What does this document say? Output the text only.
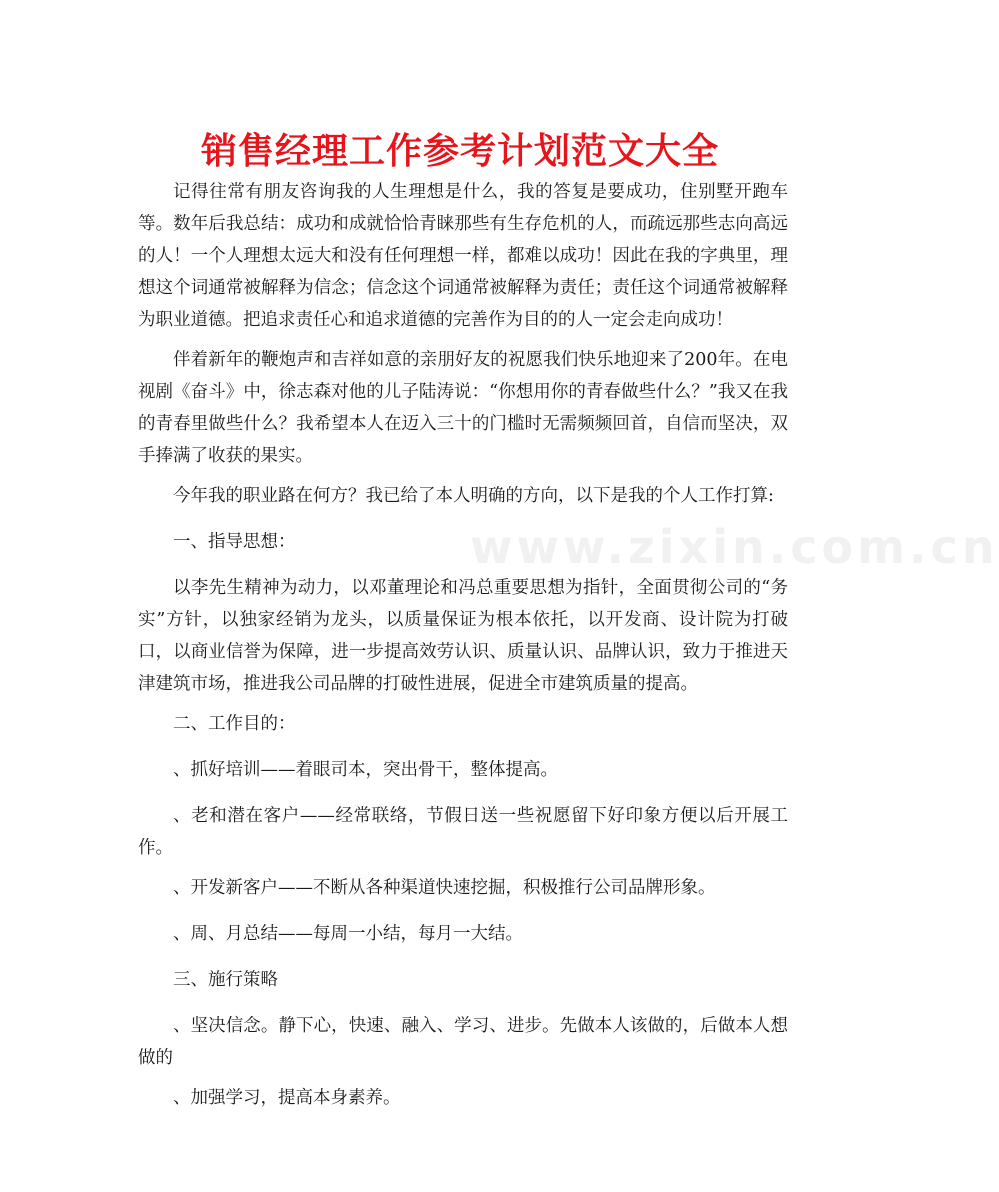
销售经理工作参考计划范文大全

记得往常有朋友咨询我的人生理想是什么，我的答复是要成功，住别墅开跑车等。数年后我总结：成功和成就恰恰青睐那些有生存危机的人，而疏远那些志向高远的人！一个人理想太远大和没有任何理想一样，都难以成功！因此在我的字典里，理想这个词通常被解释为信念；信念这个词通常被解释为责任；责任这个词通常被解释为职业道德。把追求责任心和追求道德的完善作为目的的人一定会走向成功！

伴着新年的鞭炮声和吉祥如意的亲朋好友的祝愿我们快乐地迎来了200年。在电视剧《奋斗》中，徐志森对他的儿子陆涛说：“你想用你的青春做些什么？”我又在我的青春里做些什么？我希望本人在迈入三十的门槛时无需频频回首，自信而坚决，双手捧满了收获的果实。

今年我的职业路在何方？我已给了本人明确的方向，以下是我的个人工作打算:

一、指导思想：

以李先生精神为动力，以邓董理论和冯总重要思想为指针，全面贯彻公司的“务实”方针，以独家经销为龙头，以质量保证为根本依托，以开发商、设计院为打破口，以商业信誉为保障，进一步提高效劳认识、质量认识、品牌认识，致力于推进天津建筑市场，推进我公司品牌的打破性进展，促进全市建筑质量的提高。

二、工作目的：

、抓好培训——着眼司本，突出骨干，整体提高。

、老和潜在客户——经常联络，节假日送一些祝愿留下好印象方便以后开展工作。

、开发新客户——不断从各种渠道快速挖掘，积极推行公司品牌形象。

、周、月总结——每周一小结，每月一大结。

三、施行策略

、坚决信念。静下心，快速、融入、学习、进步。先做本人该做的，后做本人想做的

、加强学习，提高本身素养。

www.zixin.com.cn
